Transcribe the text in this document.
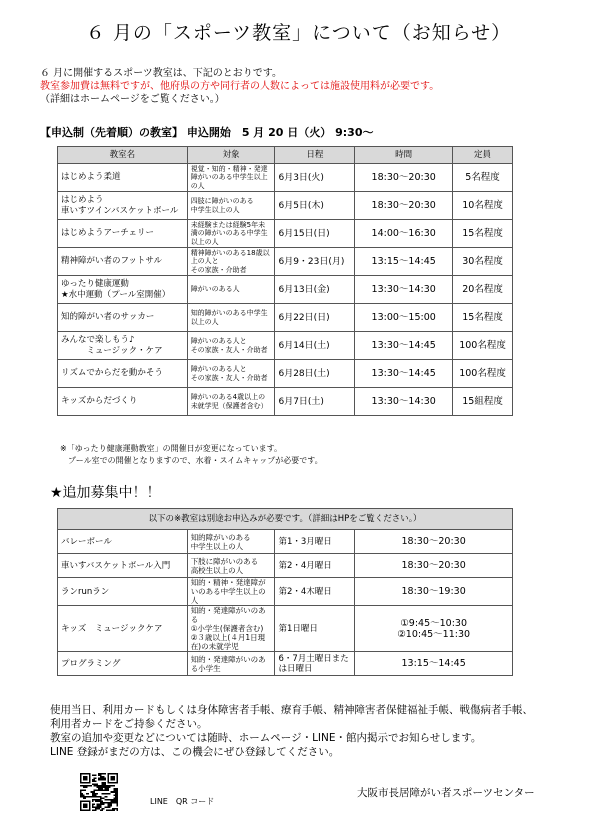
６ 月の「スポーツ教室」について（お知らせ）
６ 月に開催するスポーツ教室は、下記のとおりです。
教室参加費は無料ですが、他府県の方や同行者の人数によっては施設使用料が必要です。
（詳細はホームページをご覧ください。）
【申込制（先着順）の教室】 申込開始　5 月 20 日（火） 9:30～
教室名	対象	日程	時間	定員
はじめよう柔道	視覚・知的・精神・発達障がいのある中学生以上の人	6月3日(火)	18:30～20:30	5名程度
はじめよう
車いすツインバスケットボール	四肢に障がいのある
中学生以上の人	6月5日(木)	18:30～20:30	10名程度
はじめようアーチェリー	未経験または経験5年未満の障がいのある中学生以上の人	6月15日(日)	14:00～16:30	15名程度
精神障がい者のフットサル	精神障がいのある18歳以上の人と
その家族・介助者	6月9・23日(月)	13:15～14:45	30名程度
ゆったり健康運動
★水中運動（プール室開催）	障がいのある人	6月13日(金)	13:30～14:30	20名程度
知的障がい者のサッカー	知的障がいのある中学生以上の人	6月22日(日)	13:00～15:00	15名程度
みんなで楽しもう♪
　　　ミュージック・ケア	障がいのある人と
その家族・友人・介助者	6月14日(土)	13:30～14:45	100名程度
リズムでからだを動かそう	障がいのある人と
その家族・友人・介助者	6月28日(土)	13:30～14:45	100名程度
キッズからだづくり	障がいのある4歳以上の未就学児（保護者含む）	6月7日(土)	13:30～14:30	15組程度
※「ゆったり健康運動教室」の開催日が変更になっています。
　プール室での開催となりますので、水着・スイムキャップが必要です。
★追加募集中！！
以下の※教室は別途お申込みが必要です。（詳細はHPをご覧ください。）			
バレーボール	知的障がいのある
中学生以上の人	第1・3月曜日	18:30～20:30
車いすバスケットボール入門	下肢に障がいのある
高校生以上の人	第2・4月曜日	18:30～20:30
ランrunラン	知的・精神・発達障がいのある中学生以上の人	第2・4木曜日	18:30～19:30
キッズ　ミュージックケア	知的・発達障がいのある
①小学生(保護者含む)
②３歳以上(４月1日現在)の未就学児	第1日曜日	①9:45～10:30
②10:45～11:30
プログラミング	知的・発達障がいのある小学生	6・7月土曜日または日曜日	13:15～14:45
使用当日、利用カードもしくは身体障害者手帳、療育手帳、精神障害者保健福祉手帳、戦傷病者手帳、
利用者カードをご持参ください。
教室の追加や変更などについては随時、ホームページ・LINE・館内掲示でお知らせします。
LINE 登録がまだの方は、この機会にぜひ登録してください。
LINE　QR コード
大阪市長居障がい者スポーツセンター
